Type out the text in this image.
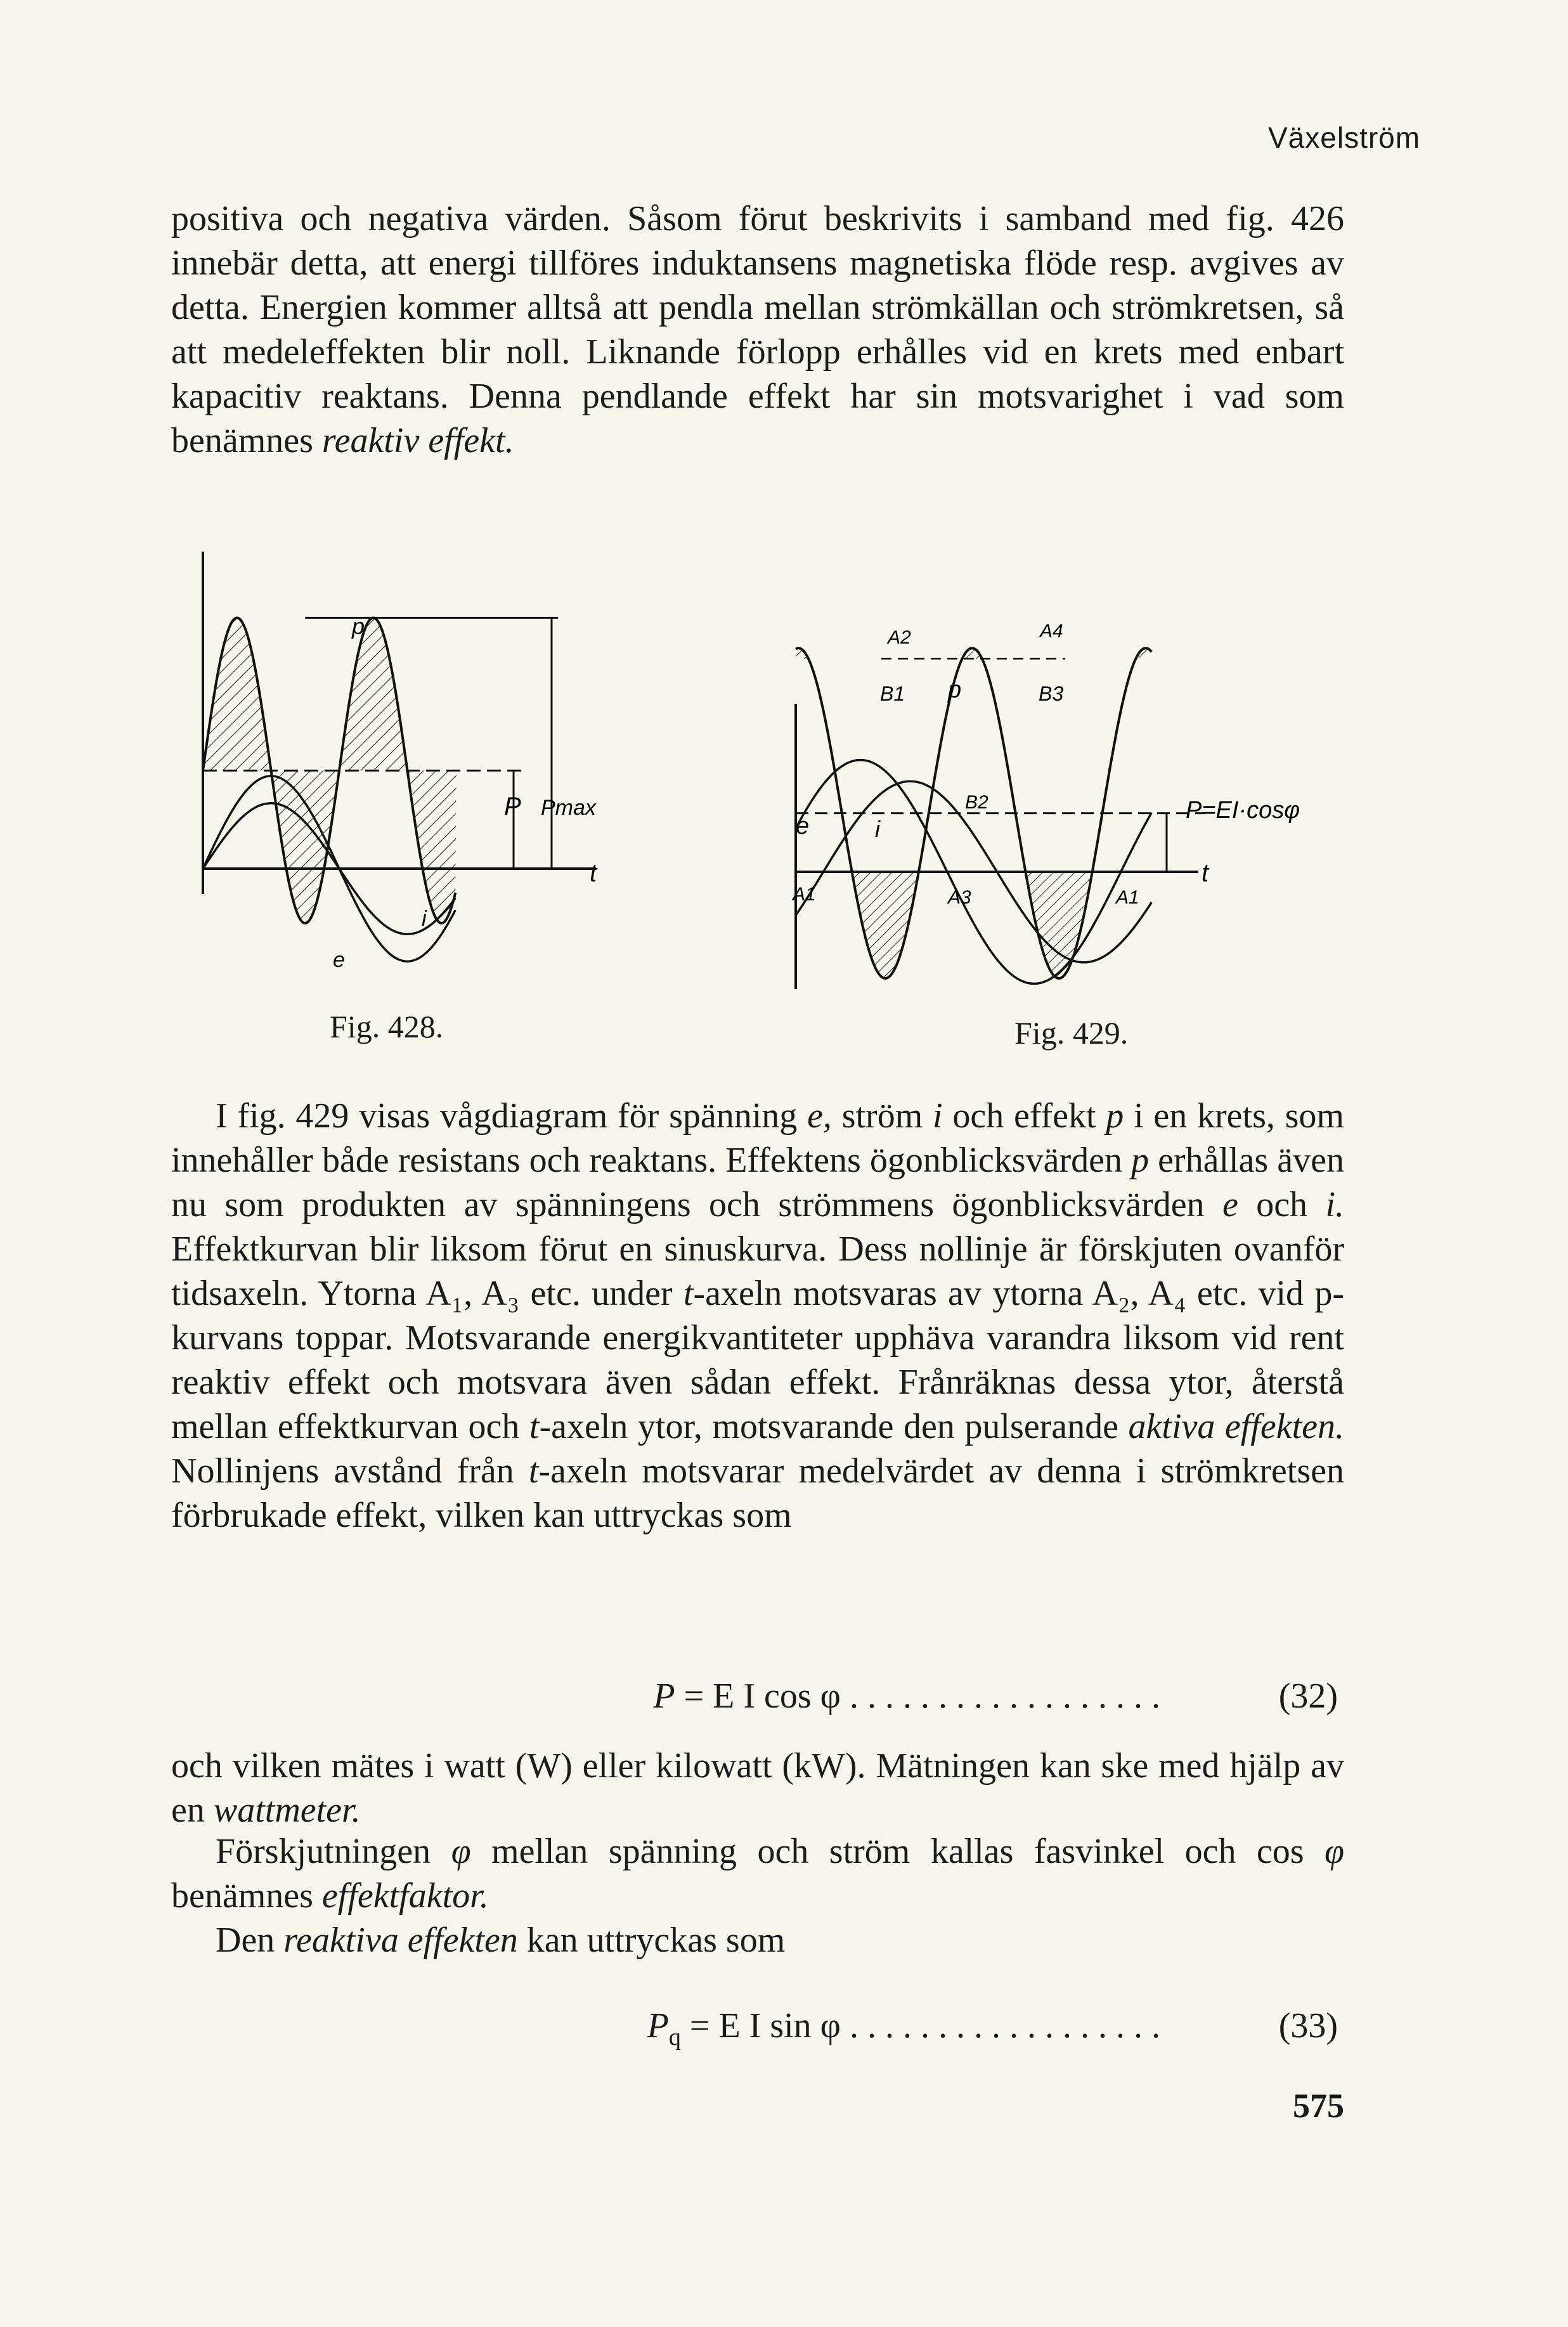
Växelström

positiva och negativa värden. Såsom förut beskrivits i samband med fig. 426 innebär detta, att energi tillföres induktansens magnetiska flöde resp. avgives av detta. Energien kommer alltså att pendla mellan strömkällan och strömkretsen, så att medeleffekten blir noll. Liknande förlopp erhålles vid en krets med enbart kapacitiv reaktans. Denna pendlande effekt har sin motsvarighet i vad som benämnes reaktiv effekt.

p
P Pmax
t
i
e
Fig. 428.
A2	A4
B1 p	B3
B2
e	i
A1	A3	A1
P=EI·cosφ
t
Fig. 429.

I fig. 429 visas vågdiagram för spänning e, ström i och effekt p i en krets, som innehåller både resistans och reaktans. Effektens ögonblicksvärden p erhållas även nu som produkten av spänningens och strömmens ögonblicksvärden e och i. Effektkurvan blir liksom förut en sinuskurva. Dess nollinje är förskjuten ovanför tidsaxeln. Ytorna A₁, A₃ etc. under t-axeln motsvaras av ytorna A₂, A₄ etc. vid p-kurvans toppar. Motsvarande energikvantiteter upphäva varandra liksom vid rent reaktiv effekt och motsvara även sådan effekt. Frånräknas dessa ytor, återstå mellan effektkurvan och t-axeln ytor, motsvarande den pulserande aktiva effekten. Nollinjens avstånd från t-axeln motsvarar medelvärdet av denna i strömkretsen förbrukade effekt, vilken kan uttryckas som

P = E I cos φ . . . . . . . . . . . . . . . . . .	(32)

och vilken mätes i watt (W) eller kilowatt (kW). Mätningen kan ske med hjälp av en wattmeter.

Förskjutningen φ mellan spänning och ström kallas fasvinkel och cos φ benämnes effektfaktor.

Den reaktiva effekten kan uttryckas som

$P_q = E$ I sin φ . . . . . . . . . . . . . . . . . .	(33)
575
